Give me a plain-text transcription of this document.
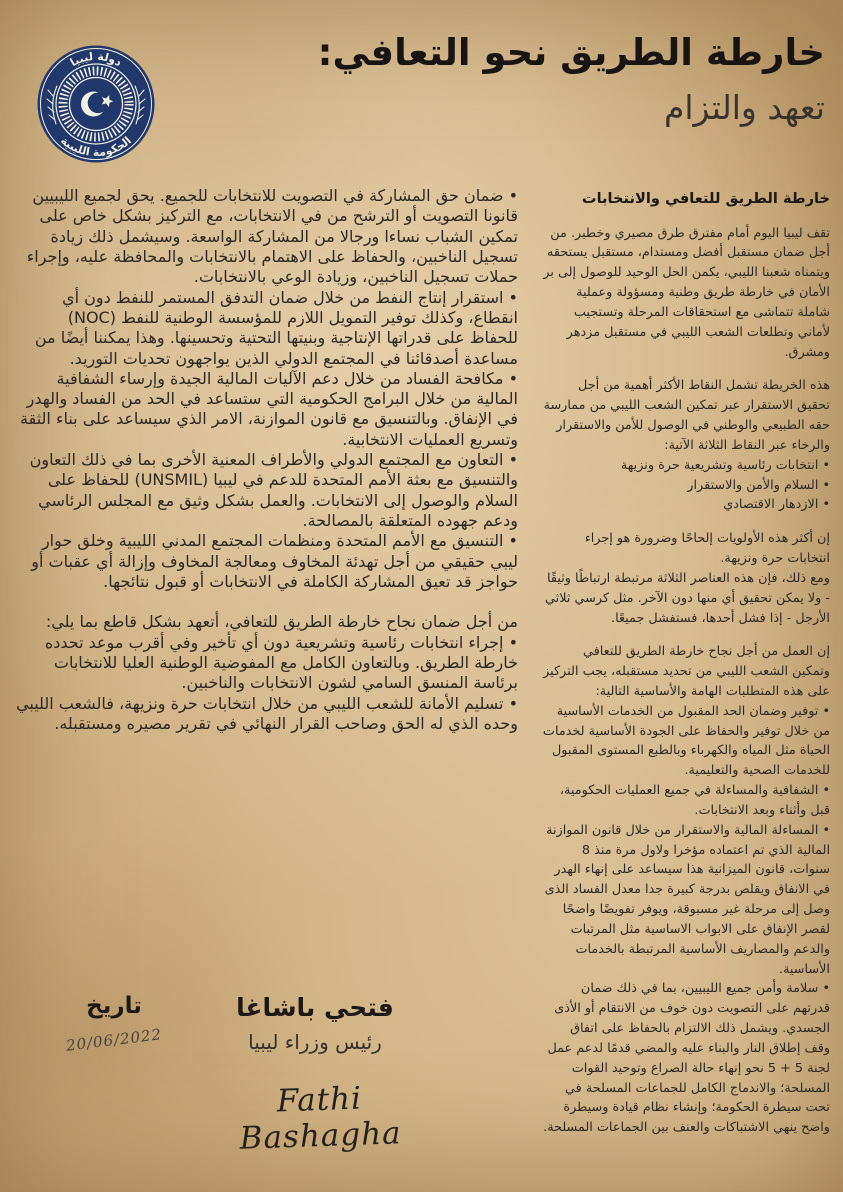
دولة ليبيا
الحكومة الليبية
خارطة الطريق نحو التعافي:
تعهد والتزام

• ضمان حق المشاركة في التصويت للانتخابات للجميع. يحق لجميع الليبيين قانونا التصويت أو الترشح من في الانتخابات، مع التركيز بشكل خاص على تمكين الشباب نساءا ورجالا من المشاركة الواسعة. وسيشمل ذلك زيادة تسجيل الناخبين، والحفاظ على الاهتمام بالانتخابات والمحافظة عليه، وإجراء حملات تسجيل الناخبين، وزيادة الوعي بالانتخابات.

• استقرار إنتاج النفط من خلال ضمان التدفق المستمر للنفط دون أي انقطاع، وكذلك توفير التمويل اللازم للمؤسسة الوطنية للنفط (NOC) للحفاظ على قدراتها الإنتاجية وبنيتها التحتية وتحسينها. وهذا يمكننا أيضًا من مساعدة أصدقائنا في المجتمع الدولي الذين يواجهون تحديات التوريد.

• مكافحة الفساد من خلال دعم الآليات المالية الجيدة وإرساء الشفافية المالية من خلال البرامج الحكومية التي ستساعد في الحد من الفساد والهدر في الإنفاق. وبالتنسيق مع قانون الموازنة، الامر الذي سيساعد على بناء الثقة وتسريع العمليات الانتخابية.

• التعاون مع المجتمع الدولي والأطراف المعنية الأخرى بما في ذلك التعاون والتنسيق مع بعثة الأمم المتحدة للدعم في ليبيا (UNSMIL) للحفاظ على السلام والوصول إلى الانتخابات. والعمل بشكل وثيق مع المجلس الرئاسي ودعم جهوده المتعلقة بالمصالحة.

• التنسيق مع الأمم المتحدة ومنظمات المجتمع المدني الليبية وخلق حوار ليبي حقيقي من أجل تهدئة المخاوف ومعالجة المخاوف وإزالة أي عقبات أو حواجز قد تعيق المشاركة الكاملة في الانتخابات أو قبول نتائجها.

من أجل ضمان نجاح خارطة الطريق للتعافي، أتعهد بشكل قاطع بما يلي:

• إجراء انتخابات رئاسية وتشريعية دون أي تأخير وفي أقرب موعد تحدده خارطة الطريق. وبالتعاون الكامل مع المفوضية الوطنية العليا للانتخابات برئاسة المنسق السامي لشون الانتخابات والناخبين.

• تسليم الأمانة للشعب الليبي من خلال انتخابات حرة ونزيهة، فالشعب الليبي وحده الذي له الحق وصاحب القرار النهائي في تقرير مصيره ومستقبله.

خارطة الطريق للتعافي والانتخابات

تقف ليبيا اليوم أمام مفترق طرق مصيري وخطير. من أجل ضمان مستقبل أفضل ومستدام، مستقبل يستحقه ويتمناه شعبنا الليبي، يكمن الحل الوحيد للوصول إلى بر الأمان في خارطة طريق وطنية ومسؤولة وعملية شاملة تتماشى مع استحقاقات المرحلة وتستجيب لأماني وتطلعات الشعب الليبي في مستقبل مزدهر ومشرق.

هذه الخريطة تشمل النقاط الأكثر أهمية من أجل تحقيق الاستقرار عبر تمكين الشعب الليبي من ممارسة حقه الطبيعي والوطني في الوصول للأمن والاستقرار والرخاء عبر النقاط الثلاثة الآتية:

• انتخابات رئاسية وتشريعية حرة ونزيهة

• السلام والأمن والاستقرار

• الازدهار الاقتصادي

إن أكثر هذه الأولويات إلحاحًا وضرورة هو إجراء انتخابات حرة ونزيهة.

ومع ذلك، فإن هذه العناصر الثلاثة مرتبطة ارتباطًا وثيقًا - ولا يمكن تحقيق أي منها دون الآخر. مثل كرسي ثلاثي الأرجل - إذا فشل أحدها، فستفشل جميعًا.

إن العمل من أجل نجاح خارطة الطريق للتعافي وتمكين الشعب الليبي من تحديد مستقبله، يجب التركيز على هذه المتطلبات الهامة والأساسية التالية:

• توفير وضمان الحد المقبول من الخدمات الأساسية من خلال توفير والحفاظ على الجودة الأساسية لخدمات الحياة مثل المياه والكهرباء وبالطبع المستوى المقبول للخدمات الصحية والتعليمية.

• الشفافية والمساءلة في جميع العمليات الحكومية، قبل وأثناء وبعد الانتخابات.

• المساءلة المالية والاستقرار من خلال قانون الموازنة المالية الذي تم اعتماده مؤخرا ولاول مرة منذ 8 سنوات، قانون الميزانية هذا سيساعد على إنهاء الهدر في الانفاق ويقلص بدرجة كبيرة جدا معدل الفساد الذى وصل إلى مرحلة غير مسبوقة، ويوفر تفويضًا واضحًا لقصر الإنفاق على الابواب الاساسية مثل المرتبات والدعم والمصاريف الأساسية المرتبطة بالخدمات الأساسية.

• سلامة وأمن جميع الليبيين، بما في ذلك ضمان قدرتهم على التصويت دون خوف من الانتقام أو الأذى الجسدي. ويشمل ذلك الالتزام بالحفاظ على اتفاق وقف إطلاق النار والبناء عليه والمضي قدمًا لدعم عمل لجنة 5 + 5 نحو إنهاء حالة الصراع وتوحيد القوات المسلحة؛ والاندماج الكامل للجماعات المسلحة في تحت سيطرة الحكومة؛ وإنشاء نظام قيادة وسيطرة واضح ينهي الاشتباكات والعنف بين الجماعات المسلحة.

فتحي باشاغا

رئيس وزراء ليبيا

تاريخ

20/06/2022

Fathi Bashagha
